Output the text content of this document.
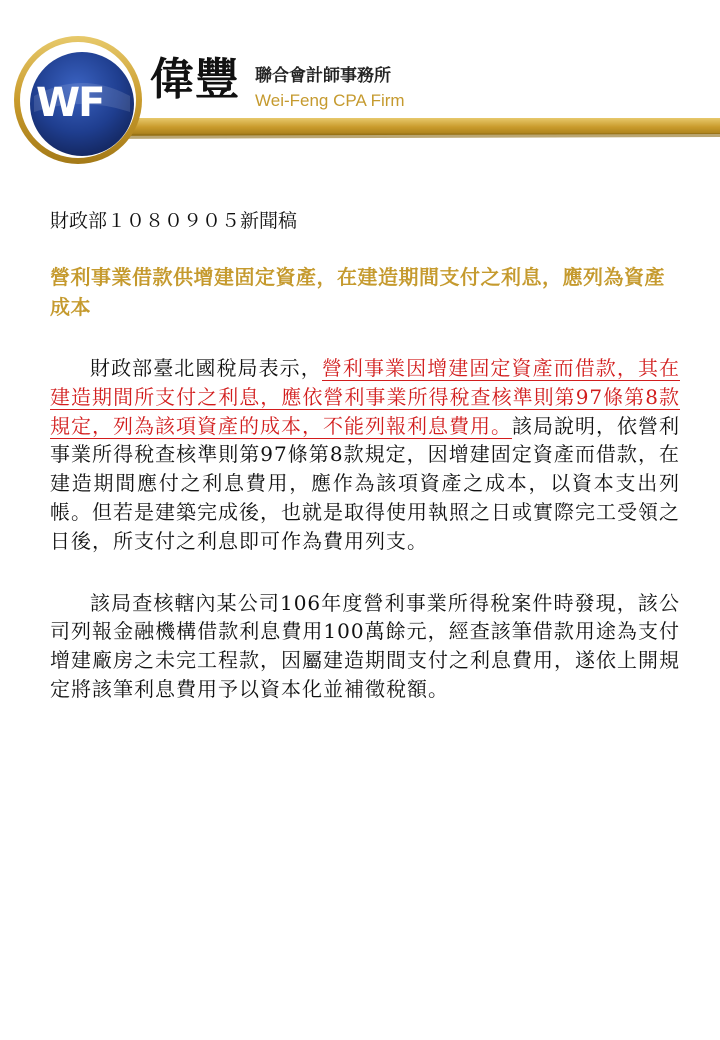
WF 偉豐 聯合會計師事務所
Wei-Feng CPA Firm
財政部１０８０９０５新聞稿
營利事業借款供增建固定資產，在建造期間支付之利息，應列為資產成本

財政部臺北國稅局表示，營利事業因增建固定資產而借款，其在建造期間所支付之利息，應依營利事業所得稅查核準則第97條第8款規定，列為該項資產的成本，不能列報利息費用。該局說明，依營利事業所得稅查核準則第97條第8款規定，因增建固定資產而借款，在建造期間應付之利息費用，應作為該項資產之成本，以資本支出列帳。但若是建築完成後，也就是取得使用執照之日或實際完工受領之日後，所支付之利息即可作為費用列支。

該局查核轄內某公司106年度營利事業所得稅案件時發現，該公司列報金融機構借款利息費用100萬餘元，經查該筆借款用途為支付增建廠房之未完工程款，因屬建造期間支付之利息費用，遂依上開規定將該筆利息費用予以資本化並補徵稅額。
